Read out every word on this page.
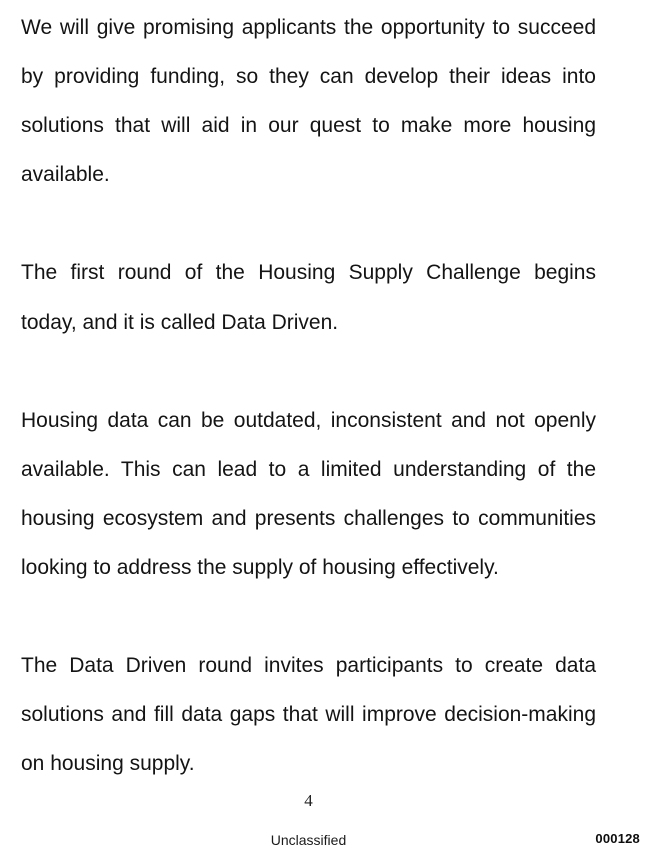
We will give promising applicants the opportunity to succeed
by providing funding, so they can develop their ideas into
solutions that will aid in our quest to make more housing
available.
The first round of the Housing Supply Challenge begins
today, and it is called Data Driven.
Housing data can be outdated, inconsistent and not openly
available. This can lead to a limited understanding of the
housing ecosystem and presents challenges to communities
looking to address the supply of housing effectively.
The Data Driven round invites participants to create data
solutions and fill data gaps that will improve decision-making
on housing supply.
4
Unclassified	000128
